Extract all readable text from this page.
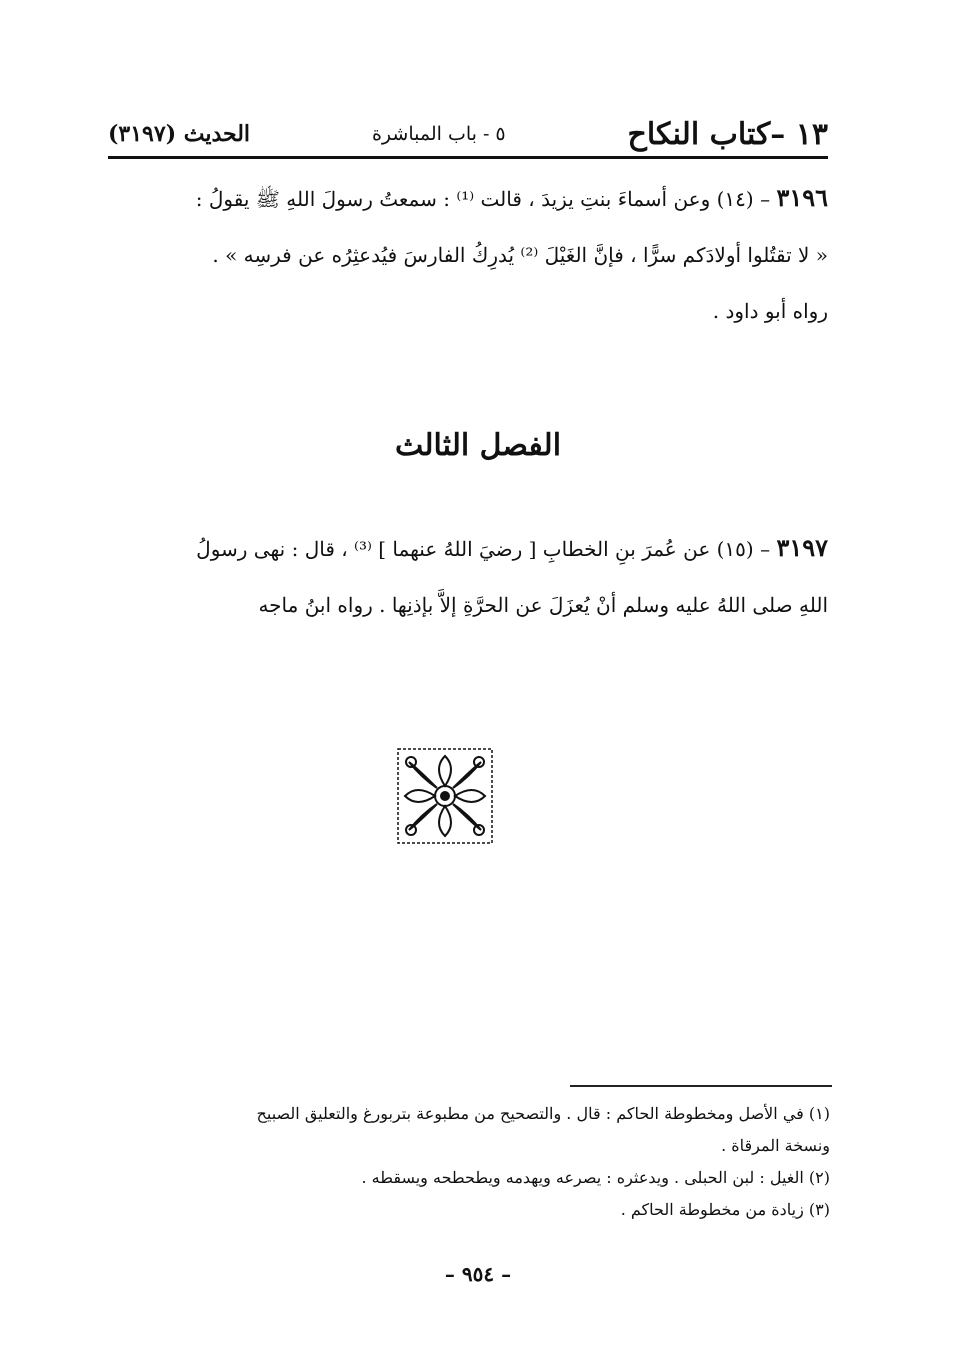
١٣ –كتاب النكاح
٥ - باب المباشرة
الحديث (٣١٩٧)
٣١٩٦ – (١٤) وعن أسماءَ بنتِ يزيدَ ، قالت ⁽¹⁾ : سمعتُ رسولَ اللهِ ﷺ يقولُ :
« لا تقتُلوا أولادَكم سرًّا ، فإنَّ الغَيْلَ ⁽²⁾ يُدرِكُ الفارسَ فيُدعثِرُه عن فرسِه » .
رواه أبو داود .
الفصل الثالث
٣١٩٧ – (١٥) عن عُمرَ بنِ الخطابِ [ رضيَ اللهُ عنهما ] ⁽³⁾ ، قال : نهى رسولُ
اللهِ صلى اللهُ عليه وسلم أنْ يُعزَلَ عن الحرَّةِ إلاَّ بإذنِها . رواه ابنُ ماجه
(١) في الأصل ومخطوطة الحاكم : قال . والتصحيح من مطبوعة بتربورغ والتعليق الصبيح
ونسخة المرقاة .
(٢) الغيل : لبن الحبلى . ويدعثره : يصرعه ويهدمه ويطحطحه ويسقطه .
(٣) زيادة من مخطوطة الحاكم .
– ٩٥٤ –
